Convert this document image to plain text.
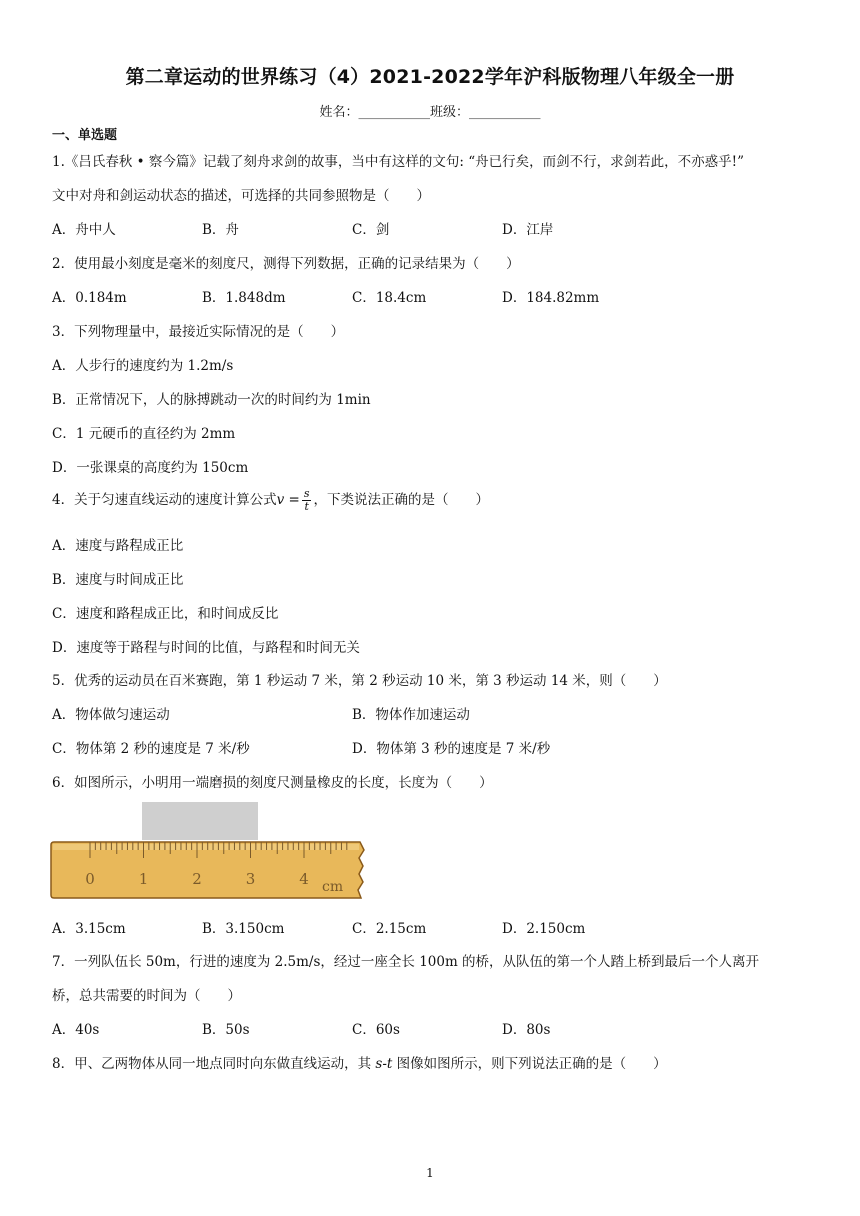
第二章运动的世界练习（4）2021-2022学年沪科版物理八年级全一册
姓名：___________班级：___________
一、单选题
1.《吕氏春秋 • 察今篇》记载了刻舟求剑的故事，当中有这样的文句: “舟已行矣，而剑不行，求剑若此，不亦惑乎!”
文中对舟和剑运动状态的描述，可选择的共同参照物是（　　）
A．舟中人	B．舟	C．剑	D．江岸
2．使用最小刻度是毫米的刻度尺，测得下列数据，正确的记录结果为（　　）
A．0.184m	B．1.848dm	C．18.4cm	D．184.82mm
3．下列物理量中，最接近实际情况的是（　　）
A．人步行的速度约为 1.2m/s
B．正常情况下，人的脉搏跳动一次的时间约为 1min
C．1 元硬币的直径约为 2mm
D．一张课桌的高度约为 150cm
4．关于匀速直线运动的速度计算公式$v = \frac{s}{t}$ ，下类说法正确的是（　　）
A．速度与路程成正比
B．速度与时间成正比
C．速度和路程成正比，和时间成反比
D．速度等于路程与时间的比值，与路程和时间无关
5．优秀的运动员在百米赛跑，第 1 秒运动 7 米，第 2 秒运动 10 米，第 3 秒运动 14 米，则（　　）
A．物体做匀速运动	B．物体作加速运动
C．物体第 2 秒的速度是 7 米/秒	D．物体第 3 秒的速度是 7 米/秒
6．如图所示，小明用一端磨损的刻度尺测量橡皮的长度，长度为（　　）
0	1	2	3	4 cm
A．3.15cm	B．3.150cm	C．2.15cm	D．2.150cm
7．一列队伍长 50m，行进的速度为 2.5m/s，经过一座全长 100m 的桥，从队伍的第一个人踏上桥到最后一个人离开
桥，总共需要的时间为（　　）
A．40s	B．50s	C．60s	D．80s
8．甲、乙两物体从同一地点同时向东做直线运动，其 s-t 图像如图所示，则下列说法正确的是（　　）
1
